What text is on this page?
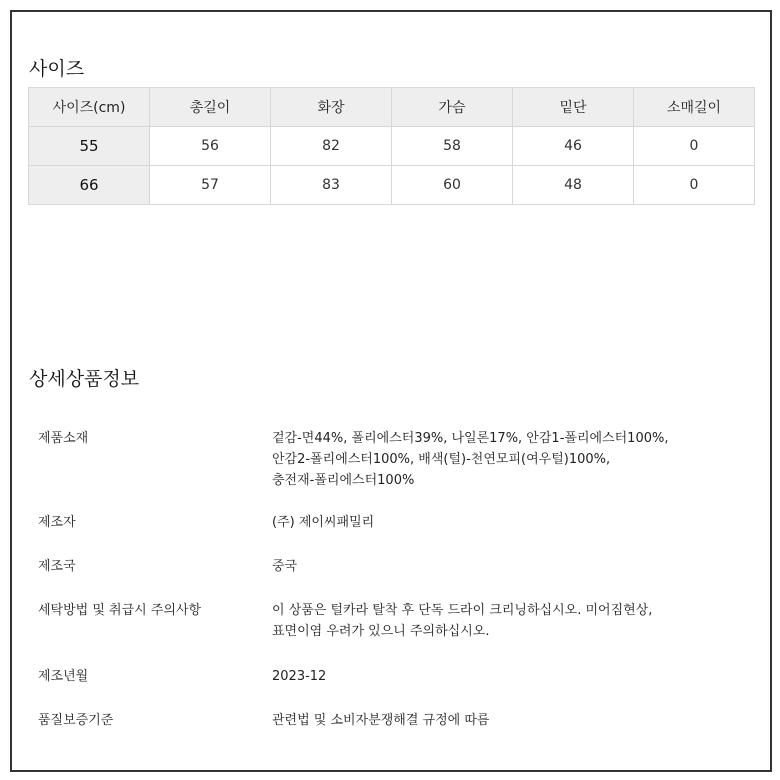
사이즈
사이즈(cm)	총길이	화장	가슴	밑단	소매길이
55	56	82	58	46	0
66	57	83	60	48	0
상세상품정보
제품소재	겉감-면44%, 폴리에스터39%, 나일론17%, 안감1-폴리에스터100%,
안감2-폴리에스터100%, 배색(털)-천연모피(여우털)100%,
충전재-폴리에스터100%
제조자	(주) 제이씨패밀리
제조국	중국
세탁방법 및 취급시 주의사항	이 상품은 털카라 탈착 후 단독 드라이 크리닝하십시오. 미어짐현상,
표면이염 우려가 있으니 주의하십시오.
제조년월	2023-12
품질보증기준	관련법 및 소비자분쟁해결 규정에 따름
